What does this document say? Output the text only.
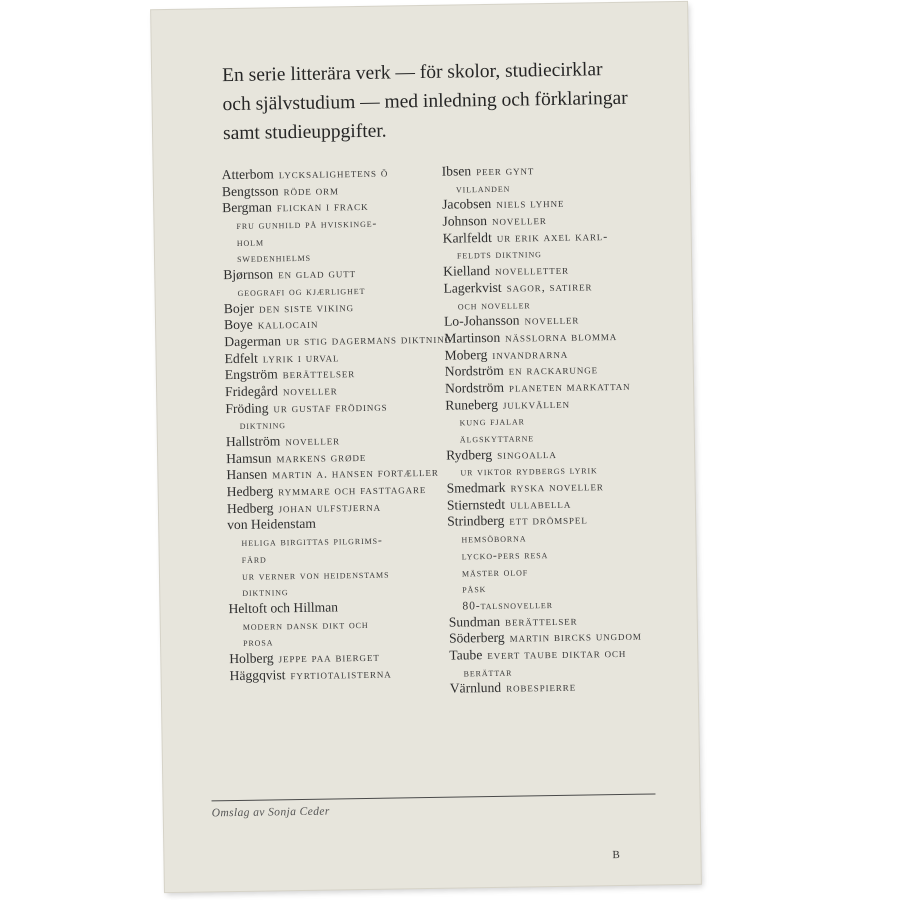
En serie litterära verk — för skolor, studiecirklar
och självstudium — med inledning och förklaringar
samt studieuppgifter.
Atterbom lycksalighetens ö
Bengtsson röde orm
Bergman flickan i frack
fru gunhild på hviskinge-
holm
swedenhielms
Bjørnson en glad gutt
geografi og kjærlighet
Bojer den siste viking
Boye kallocain
Dagerman ur stig dagermans diktning
Edfelt lyrik i urval
Engström berättelser
Fridegård noveller
Fröding ur gustaf frödings
diktning
Hallström noveller
Hamsun markens grøde
Hansen martin a. hansen fortæller
Hedberg rymmare och fasttagare
Hedberg johan ulfstjerna
von Heidenstam
heliga birgittas pilgrims-
färd
ur verner von heidenstams
diktning
Heltoft och Hillman
modern dansk dikt och
prosa
Holberg jeppe paa bierget
Häggqvist fyrtiotalisterna
Ibsen peer gynt
villanden
Jacobsen niels lyhne
Johnson noveller
Karlfeldt ur erik axel karl-
feldts diktning
Kielland novelletter
Lagerkvist sagor, satirer
och noveller
Lo-Johansson noveller
Martinson nässlorna blomma
Moberg invandrarna
Nordström en rackarunge
Nordström planeten markattan
Runeberg julkvällen
kung fjalar
älgskyttarne
Rydberg singoalla
ur viktor rydbergs lyrik
Smedmark ryska noveller
Stiernstedt ullabella
Strindberg ett drömspel
hemsöborna
lycko-pers resa
mäster olof
påsk
80-talsnoveller
Sundman berättelser
Söderberg martin bircks ungdom
Taube evert taube diktar och
berättar
Värnlund robespierre
Omslag av Sonja Ceder
B
